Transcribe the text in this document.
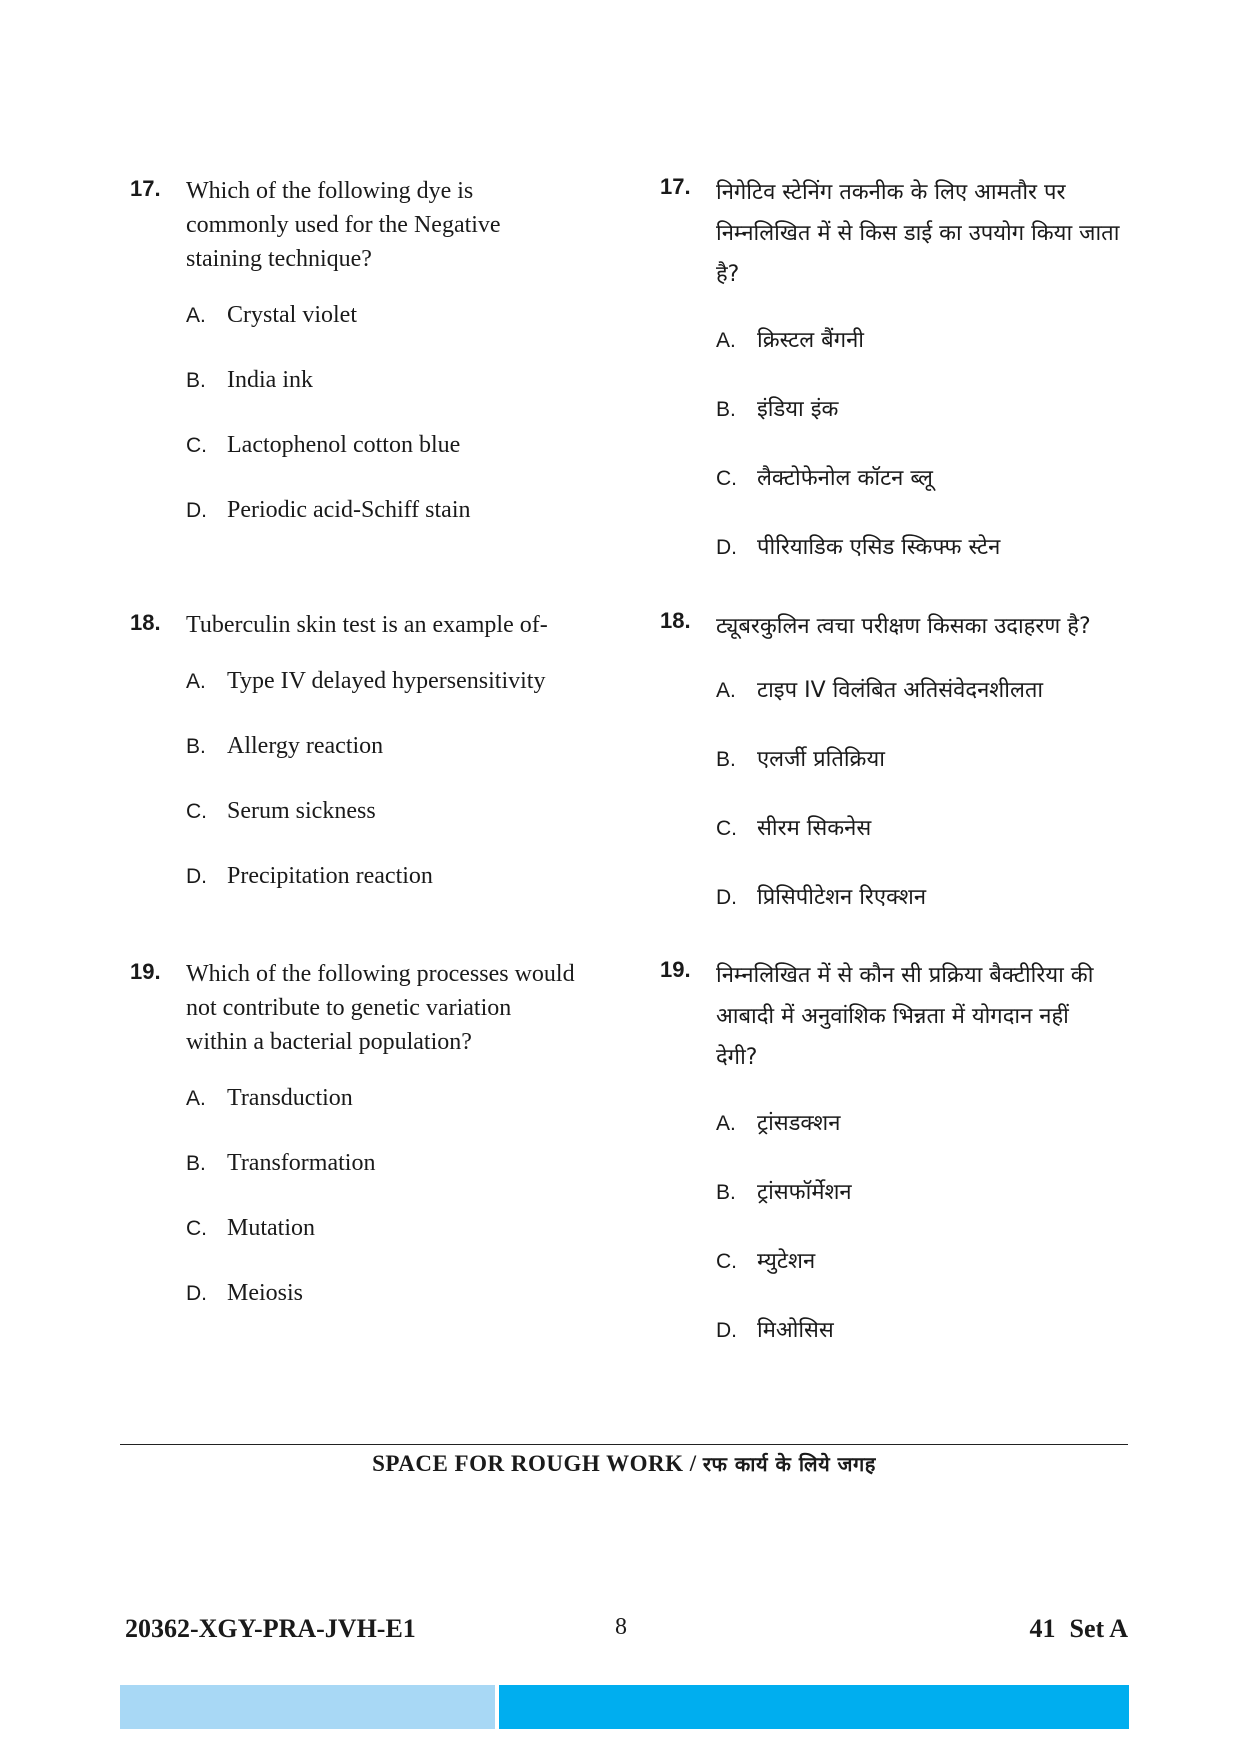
17. Which of the following dye is
commonly used for the Negative
staining technique?
A. Crystal violet
B. India ink
C. Lactophenol cotton blue
D. Periodic acid-Schiff stain
18. Tuberculin skin test is an example of-
A. Type IV delayed hypersensitivity
B. Allergy reaction
C. Serum sickness
D. Precipitation reaction
19. Which of the following processes would
not contribute to genetic variation
within a bacterial population?
A. Transduction
B. Transformation
C. Mutation
D. Meiosis
17. निगेटिव स्टेनिंग तकनीक के लिए आमतौर पर
निम्नलिखित में से किस डाई का उपयोग किया जाता
है?
A. क्रिस्टल बैंगनी
B. इंडिया इंक
C. लैक्टोफेनोल कॉटन ब्लू
D. पीरियाडिक एसिड स्किफ्फ स्टेन
18. ट्यूबरकुलिन त्वचा परीक्षण किसका उदाहरण है?
A. टाइप IV विलंबित अतिसंवेदनशीलता
B. एलर्जी प्रतिक्रिया
C. सीरम सिकनेस
D. प्रिसिपीटेशन रिएक्शन
19. निम्नलिखित में से कौन सी प्रक्रिया बैक्टीरिया की
आबादी में अनुवांशिक भिन्नता में योगदान नहीं
देगी?
A. ट्रांसडक्शन
B. ट्रांसफॉर्मेशन
C. म्युटेशन
D. मिओसिस
SPACE FOR ROUGH WORK / रफ कार्य के लिये जगह
20362-XGY-PRA-JVH-E1	8	41 Set A
